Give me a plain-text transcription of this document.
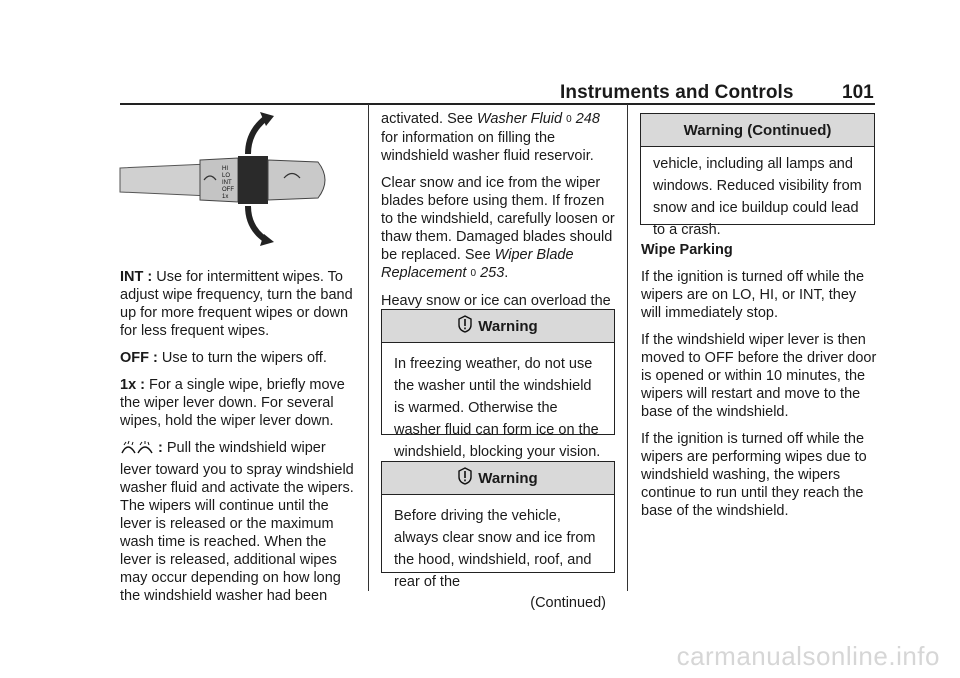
Instruments and Controls	101
HI
LO
INT
OFF
1x

INT : Use for intermittent wipes. To adjust wipe frequency, turn the band up for more frequent wipes or down for less frequent wipes.

OFF : Use to turn the wipers off.

1x : For a single wipe, briefly move the wiper lever down. For several wipes, hold the wiper lever down.

: Pull the windshield wiper lever toward you to spray windshield washer fluid and activate the wipers. The wipers will continue until the lever is released or the maximum wash time is reached. When the lever is released, additional wipes may occur depending on how long the windshield washer had been

activated. See Washer Fluid 0 248 for information on filling the windshield washer fluid reservoir.

Clear snow and ice from the wiper blades before using them. If frozen to the windshield, carefully loosen or thaw them. Damaged blades should be replaced. See Wiper Blade Replacement 0 253.

Heavy snow or ice can overload the

Warning
In freezing weather, do not use the washer until the windshield is warmed. Otherwise the washer fluid can form ice on the windshield, blocking your vision.
Warning
Before driving the vehicle, always clear snow and ice from the hood, windshield, roof, and rear of the
(Continued)
Warning (Continued)
vehicle, including all lamps and windows. Reduced visibility from snow and ice buildup could lead to a crash.

Wipe Parking

If the ignition is turned off while the wipers are on LO, HI, or INT, they will immediately stop.

If the windshield wiper lever is then moved to OFF before the driver door is opened or within 10 minutes, the wipers will restart and move to the base of the windshield.

If the ignition is turned off while the wipers are performing wipes due to windshield washing, the wipers continue to run until they reach the base of the windshield.

carmanualsonline.info
